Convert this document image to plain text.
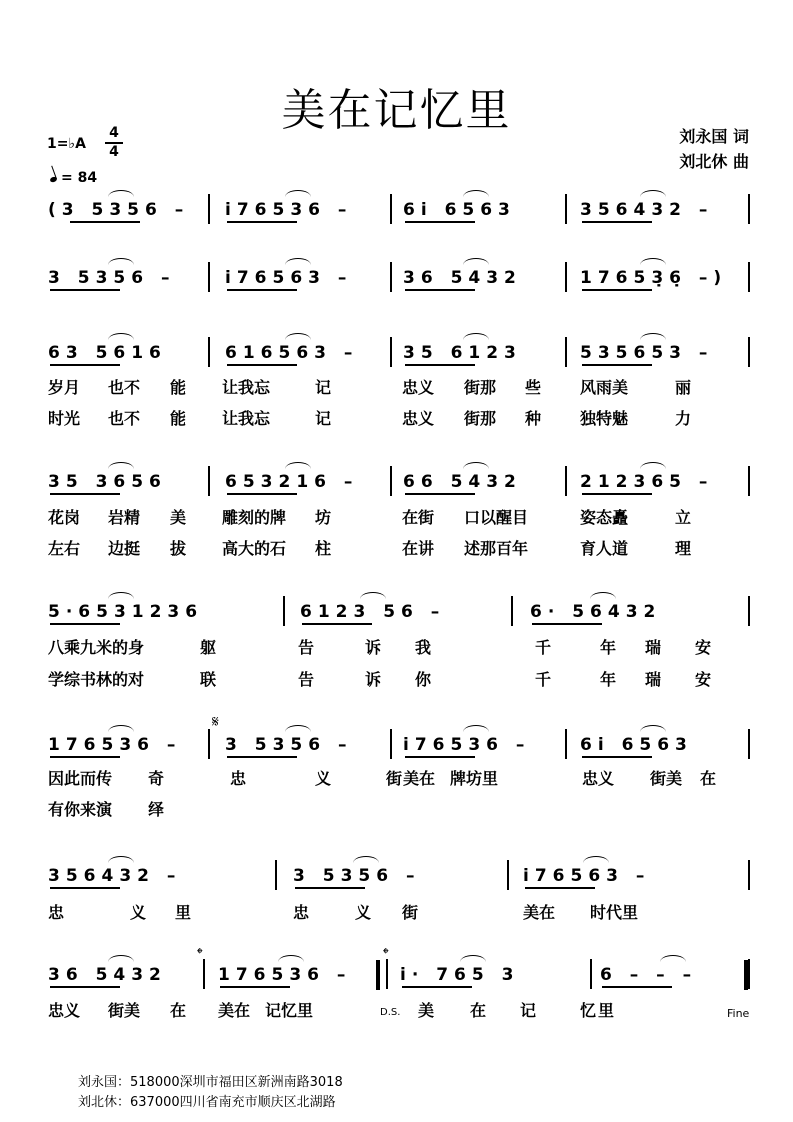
美在记忆里
1=♭A
4
4
= 84
刘永国 词
刘北休 曲
(3 5356 – i76536 –	6i 6563	356432 –
3 5356 –	i76563 –	36 5432	17653̣6̣ –)
63 5616	616563 –	35 6123	535653 –
岁月 也不 能 让我忘	记	忠义 街那 些 风雨美	丽
时光 也不 能 让我忘	记	忠义 街那 种 独特魅	力
35 3656	653216 –	66 5432	212365 –
花岗 岩精 美 雕刻的牌 坊	在街 口以醒目	姿态矗	立
左右 边挺 拔 高大的石 柱	在讲 述那百年	育人道	理
5·6531236	6123 56 –	6· 56432
八乘九米的身	躯	告	诉 我	千	年 瑞 安
学综书林的对	联	告	诉 你	千	年 瑞 安
176536 –	3 5356 –	i76536 –	6i 6563
因此而传 奇	忠	义	街 美在 牌坊里	忠义 街美 在
有你来演 绎
356432 –	3 5356 –	i76563 –
忠	义 里	忠	义 街	美在 时代里
36 5432	176536 –	i· 765 3	6 – – –
忠义 街美 在 美在 记忆里	美 在 记	忆 里
𝄋
𝄌	𝄌
D.S.	Fine
刘永国：518000深圳市福田区新洲南路3018
刘北休：637000四川省南充市顺庆区北湖路
